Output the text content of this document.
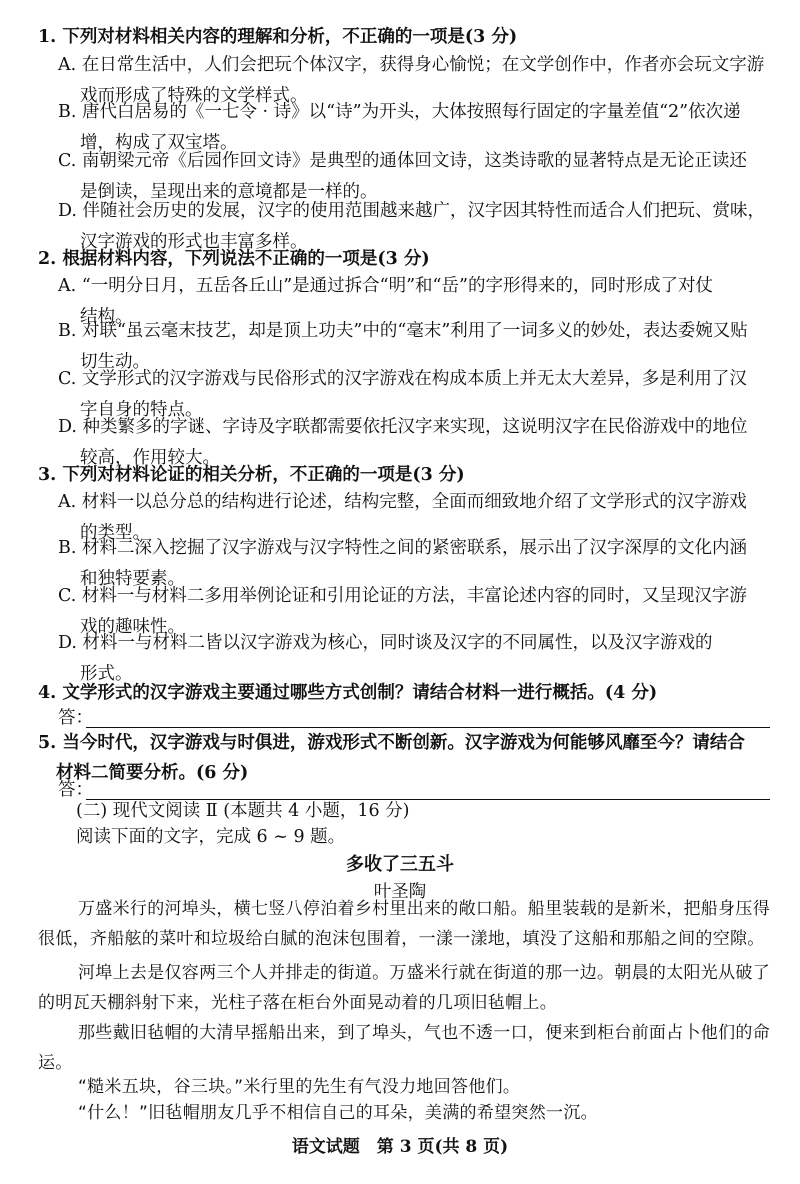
1. 下列对材料相关内容的理解和分析，不正确的一项是(3 分)
A. 在日常生活中，人们会把玩个体汉字，获得身心愉悦；在文学创作中，作者亦会玩文字游
戏而形成了特殊的文学样式。
B. 唐代白居易的《一七令 · 诗》以“诗”为开头，大体按照每行固定的字量差值“2”依次递
增，构成了双宝塔。
C. 南朝梁元帝《后园作回文诗》是典型的通体回文诗，这类诗歌的显著特点是无论正读还
是倒读，呈现出来的意境都是一样的。
D. 伴随社会历史的发展，汉字的使用范围越来越广，汉字因其特性而适合人们把玩、赏味，
汉字游戏的形式也丰富多样。
2. 根据材料内容，下列说法不正确的一项是(3 分)
A. “一明分日月，五岳各丘山”是通过拆合“明”和“岳”的字形得来的，同时形成了对仗
结构。
B. 对联“虽云毫末技艺，却是顶上功夫”中的“毫末”利用了一词多义的妙处，表达委婉又贴
切生动。
C. 文学形式的汉字游戏与民俗形式的汉字游戏在构成本质上并无太大差异，多是利用了汉
字自身的特点。
D. 种类繁多的字谜、字诗及字联都需要依托汉字来实现，这说明汉字在民俗游戏中的地位
较高，作用较大。
3. 下列对材料论证的相关分析，不正确的一项是(3 分)
A. 材料一以总分总的结构进行论述，结构完整，全面而细致地介绍了文学形式的汉字游戏
的类型。
B. 材料二深入挖掘了汉字游戏与汉字特性之间的紧密联系，展示出了汉字深厚的文化内涵
和独特要素。
C. 材料一与材料二多用举例论证和引用论证的方法，丰富论述内容的同时，又呈现汉字游
戏的趣味性。
D. 材料一与材料二皆以汉字游戏为核心，同时谈及汉字的不同属性，以及汉字游戏的
形式。
4. 文学形式的汉字游戏主要通过哪些方式创制？请结合材料一进行概括。(4 分)
答：
5. 当今时代，汉字游戏与时俱进，游戏形式不断创新。汉字游戏为何能够风靡至今？请结合
材料二简要分析。(6 分)
答：
(二) 现代文阅读 Ⅱ (本题共 4 小题，16 分)
阅读下面的文字，完成 6 ~ 9 题。
多收了三五斗
叶圣陶
万盛米行的河埠头，横七竖八停泊着乡村里出来的敞口船。船里装载的是新米，把船身压得很低，齐船舷的菜叶和垃圾给白腻的泡沫包围着，一漾一漾地，填没了这船和那船之间的空隙。
河埠上去是仅容两三个人并排走的街道。万盛米行就在街道的那一边。朝晨的太阳光从破了的明瓦天棚斜射下来，光柱子落在柜台外面晃动着的几项旧毡帽上。
那些戴旧毡帽的大清早摇船出来，到了埠头，气也不透一口，便来到柜台前面占卜他们的命运。
“糙米五块，谷三块。”米行里的先生有气没力地回答他们。
“什么！”旧毡帽朋友几乎不相信自己的耳朵，美满的希望突然一沉。
语文试题　第 3 页(共 8 页)
